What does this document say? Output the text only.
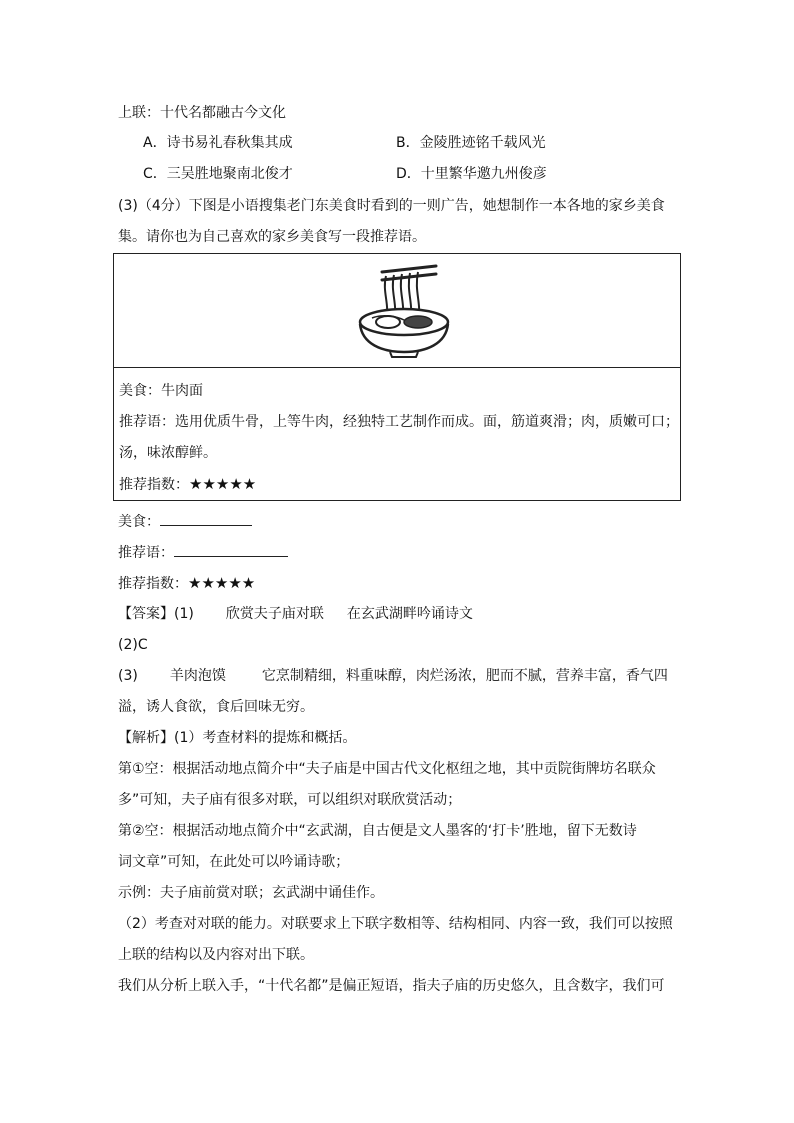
上联：十代名都融古今文化
A．诗书易礼春秋集其成	B．金陵胜迹铭千载风光
C．三吴胜地聚南北俊才	D．十里繁华邀九州俊彦
(3)（4分）下图是小语搜集老门东美食时看到的一则广告，她想制作一本各地的家乡美食
集。请你也为自己喜欢的家乡美食写一段推荐语。
美食：牛肉面
推荐语：选用优质牛骨，上等牛肉，经独特工艺制作而成。面，筋道爽滑；肉，质嫩可口；
汤，味浓醇鲜。
推荐指数：★★★★★
美食：
推荐语：
推荐指数：★★★★★
【答案】(1) 欣赏夫子庙对联 在玄武湖畔吟诵诗文
(2)C
(3) 羊肉泡馍	它烹制精细，料重味醇，肉烂汤浓，肥而不腻，营养丰富，香气四
溢，诱人食欲，食后回味无穷。
【解析】(1）考查材料的提炼和概括。
第①空：根据活动地点简介中“夫子庙是中国古代文化枢纽之地，其中贡院街牌坊名联众
多”可知，夫子庙有很多对联，可以组织对联欣赏活动；
第②空：根据活动地点简介中“玄武湖，自古便是文人墨客的‘打卡’胜地，留下无数诗
词文章”可知，在此处可以吟诵诗歌；
示例：夫子庙前赏对联；玄武湖中诵佳作。
（2）考查对对联的能力。对联要求上下联字数相等、结构相同、内容一致，我们可以按照
上联的结构以及内容对出下联。
我们从分析上联入手，“十代名都”是偏正短语，指夫子庙的历史悠久，且含数字，我们可
